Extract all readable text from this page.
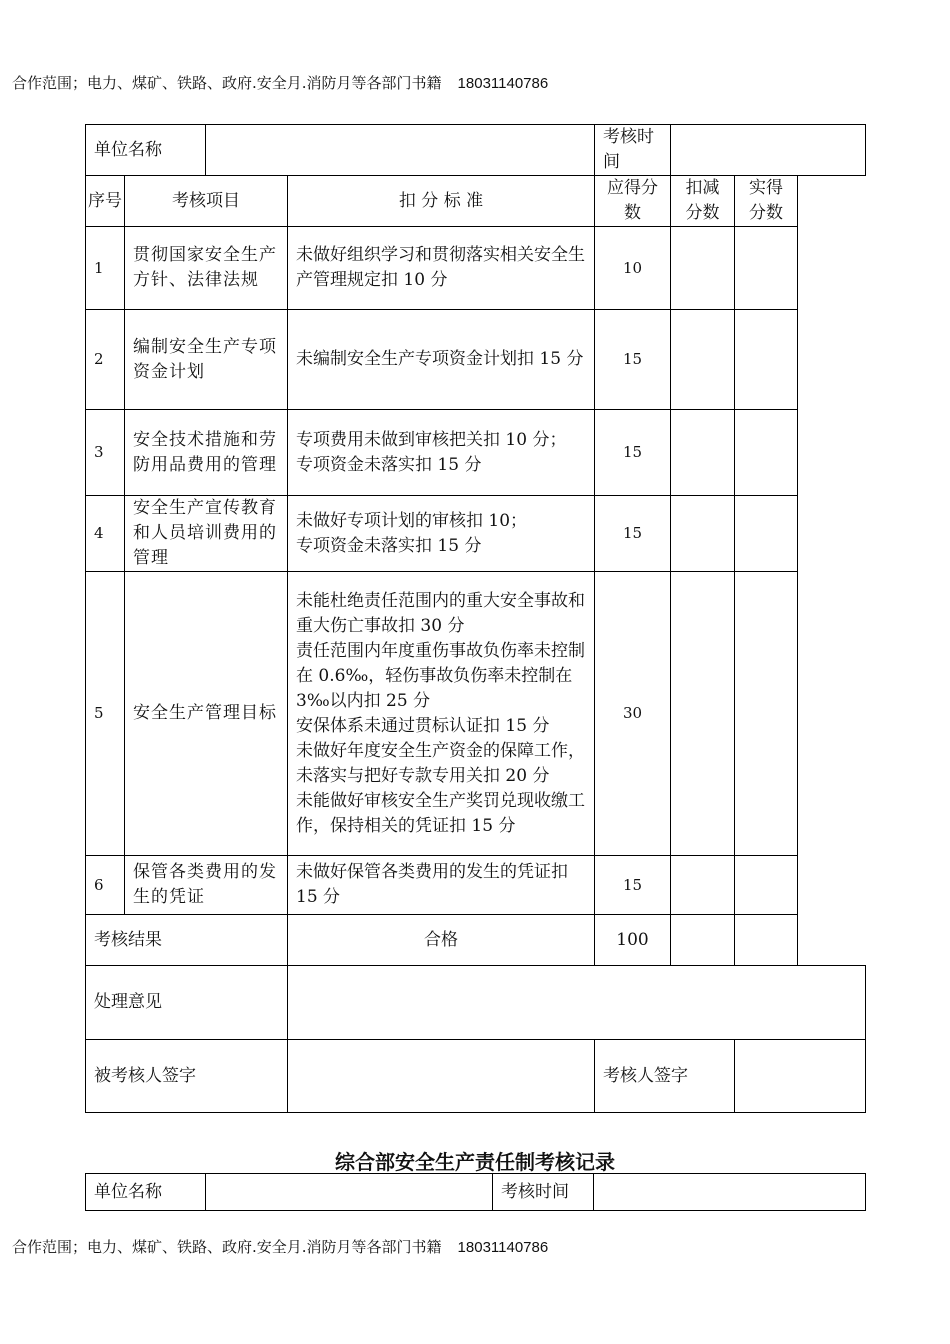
合作范围；电力、煤矿、铁路、政府.安全月.消防月等各部门书籍 18031140786
单位名称				考核时间		
序号	考核项目		扣 分 标 准	应得分数	扣减分数	实得分数
1	贯彻国家安全生产方针、法律法规		未做好组织学习和贯彻落实相关安全生产管理规定扣 10 分	10		
2	编制安全生产专项资金计划		未编制安全生产专项资金计划扣 15 分	15		
3	安全技术措施和劳防用品费用的管理		专项费用未做到审核把关扣 10 分；
专项资金未落实扣 15 分	15		
4	安全生产宣传教育和人员培训费用的管理		未做好专项计划的审核扣 10；
专项资金未落实扣 15 分	15		
5	安全生产管理目标		未能杜绝责任范围内的重大安全事故和重大伤亡事故扣 30 分
责任范围内年度重伤事故负伤率未控制在 0.6‰，轻伤事故负伤率未控制在 3‰以内扣 25 分
安保体系未通过贯标认证扣 15 分
未做好年度安全生产资金的保障工作，未落实与把好专款专用关扣 20 分
未能做好审核安全生产奖罚兑现收缴工作，保持相关的凭证扣 15 分	30		
6	保管各类费用的发生的凭证		未做好保管各类费用的发生的凭证扣 15 分	15		
考核结果			合格	100		
处理意见						
被考核人签字				考核人签字		
综合部安全生产责任制考核记录
单位名称		考核时间	
合作范围；电力、煤矿、铁路、政府.安全月.消防月等各部门书籍 18031140786
